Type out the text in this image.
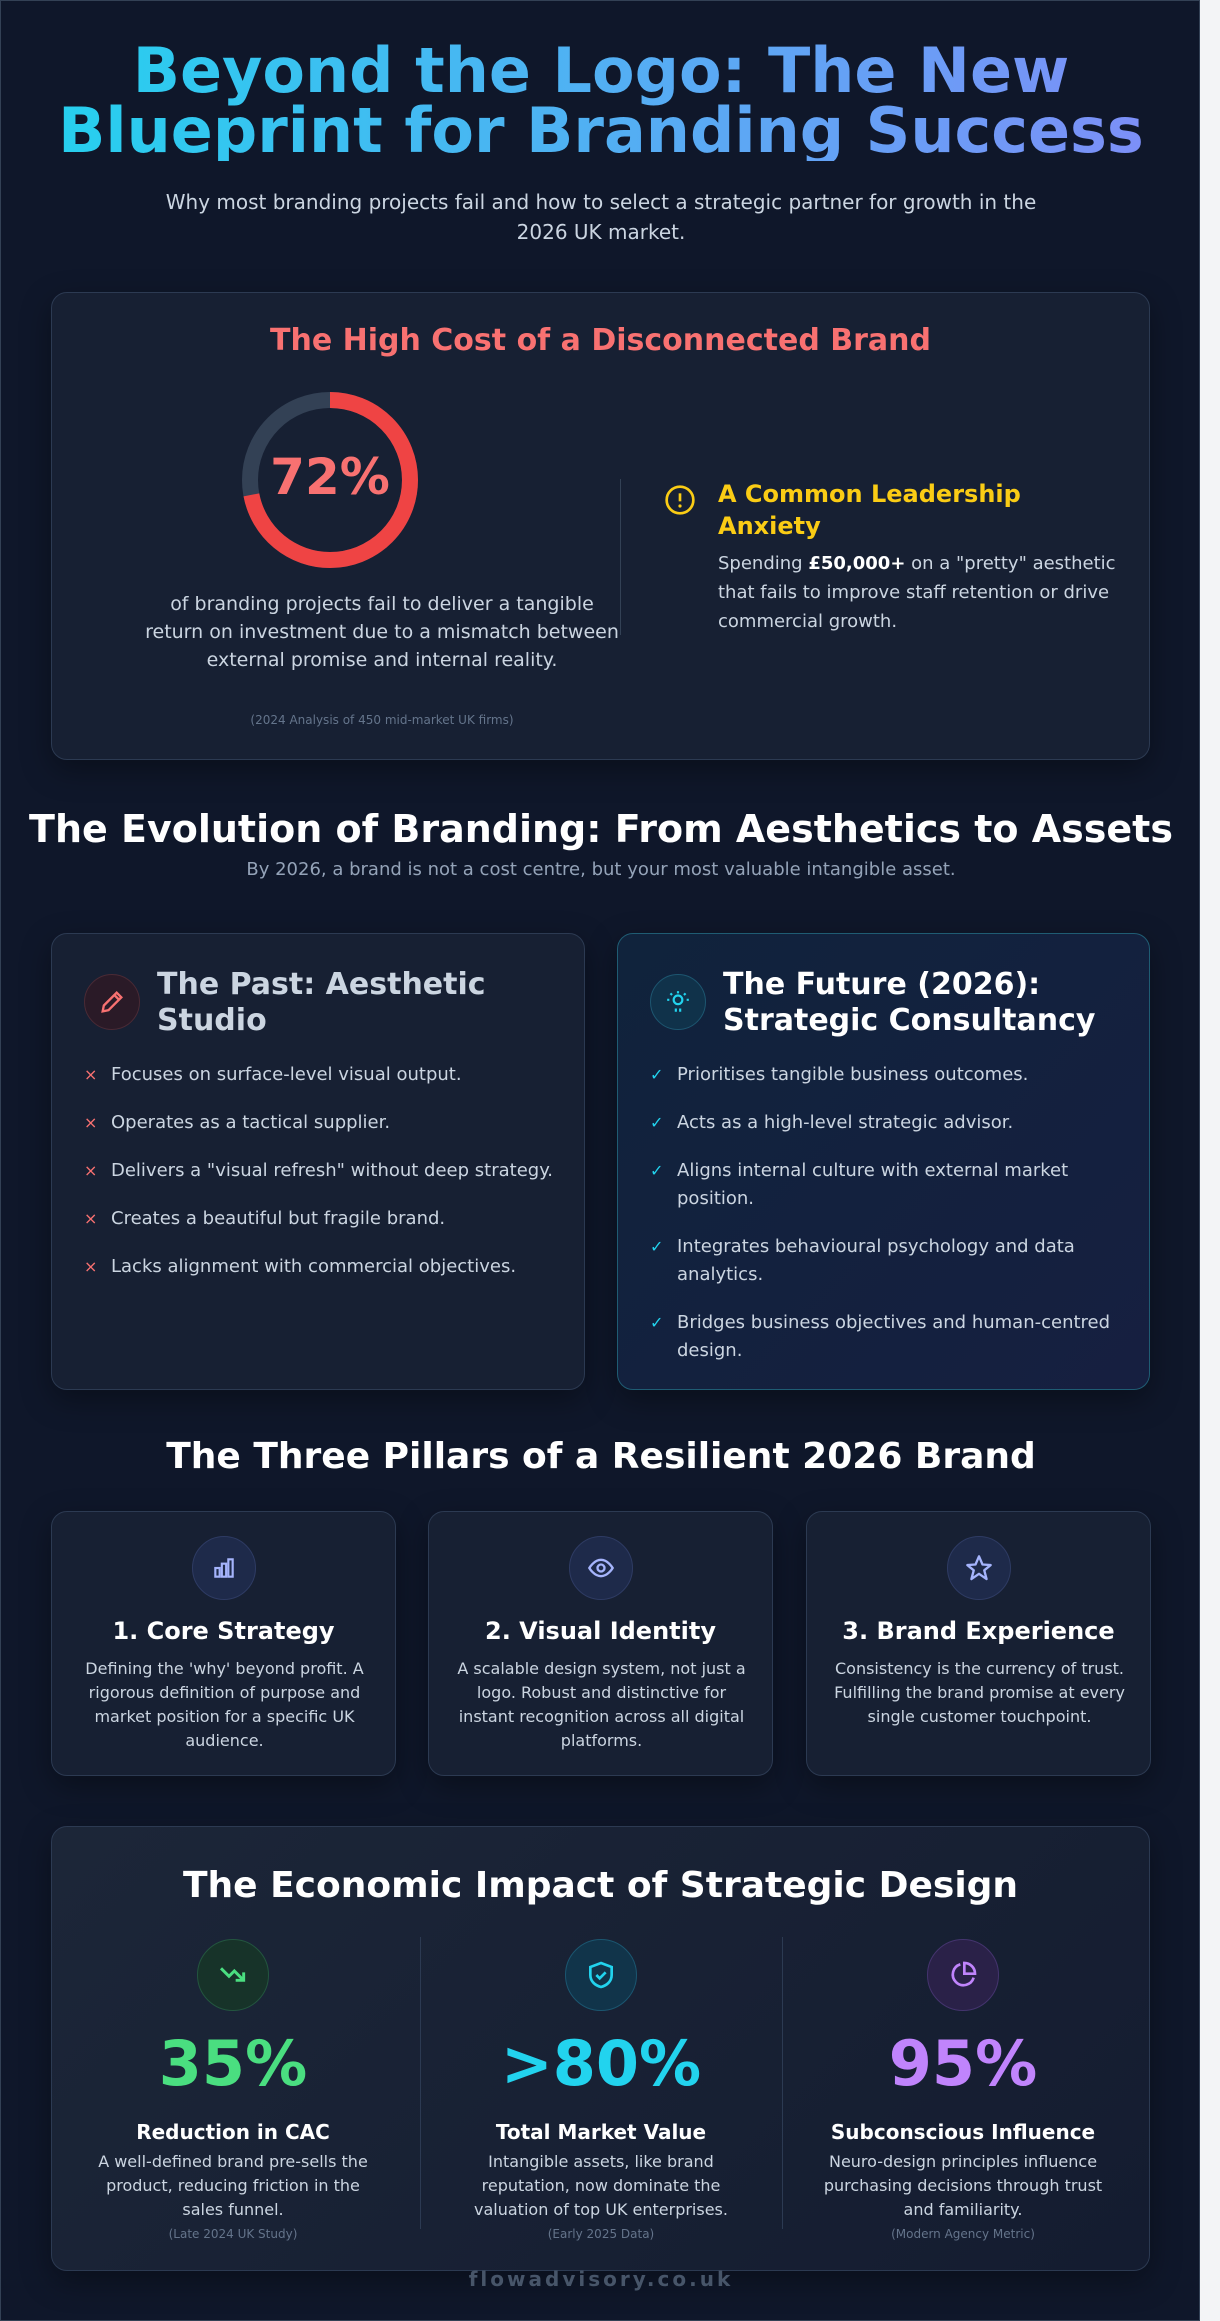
Beyond the Logo: The New Blueprint for Branding Success

Why most branding projects fail and how to select a strategic partner for growth in the 2026 UK market.

The High Cost of a Disconnected Brand
72%

of branding projects fail to deliver a tangible return on investment due to a mismatch between external promise and internal reality.

(2024 Analysis of 450 mid-market UK firms)

A Common Leadership Anxiety

Spending £50,000+ on a "pretty" aesthetic that fails to improve staff retention or drive commercial growth.

The Evolution of Branding: From Aesthetics to Assets

By 2026, a brand is not a cost centre, but your most valuable intangible asset.

The Past: Aesthetic Studio
× Focuses on surface-level visual output.
× Operates as a tactical supplier.
× Delivers a "visual refresh" without deep strategy.
× Creates a beautiful but fragile brand.
× Lacks alignment with commercial objectives.
The Future (2026): Strategic Consultancy
✓ Prioritises tangible business outcomes.
✓ Acts as a high-level strategic advisor.
✓ Aligns internal culture with external market position.
✓ Integrates behavioural psychology and data analytics.
✓ Bridges business objectives and human-centred design.
The Three Pillars of a Resilient 2026 Brand
1. Core Strategy

Defining the 'why' beyond profit. A rigorous definition of purpose and market position for a specific UK audience.

2. Visual Identity

A scalable design system, not just a logo. Robust and distinctive for instant recognition across all digital platforms.

3. Brand Experience

Consistency is the currency of trust. Fulfilling the brand promise at every single customer touchpoint.

The Economic Impact of Strategic Design
35%
Reduction in CAC

A well-defined brand pre-sells the product, reducing friction in the sales funnel.

(Late 2024 UK Study)
>80%
Total Market Value

Intangible assets, like brand reputation, now dominate the valuation of top UK enterprises.

(Early 2025 Data)
95%
Subconscious Influence

Neuro-design principles influence purchasing decisions through trust and familiarity.

(Modern Agency Metric)
flowadvisory.co.uk
